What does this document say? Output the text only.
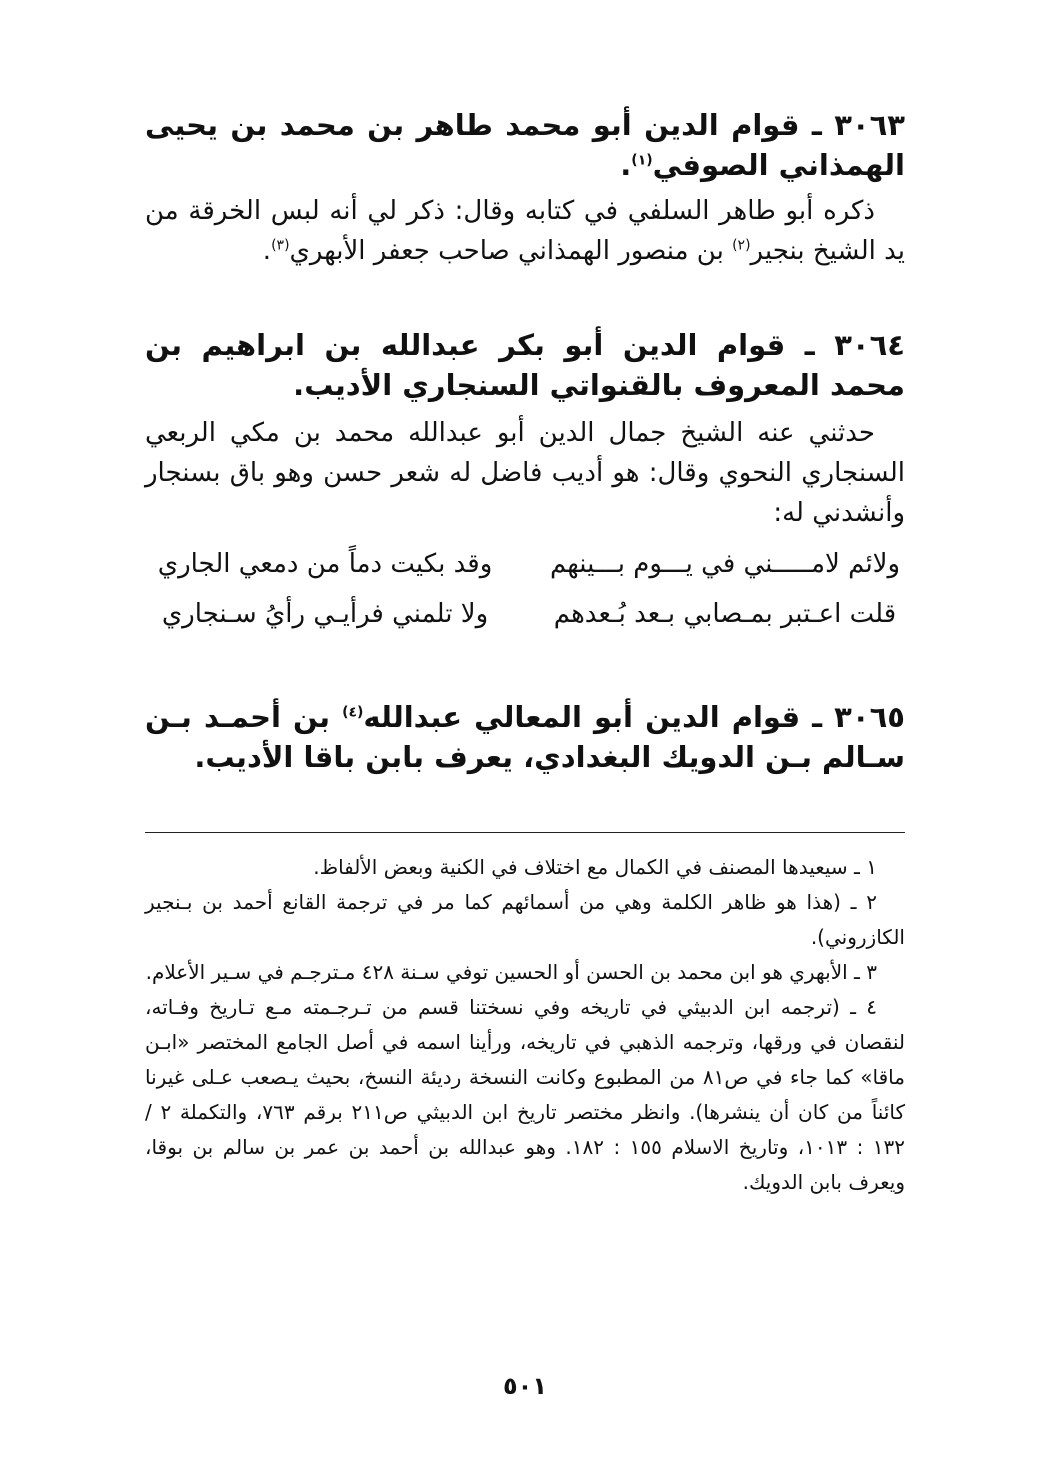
٣٠٦٣ ـ قوام الدين أبو محمد طاهر بن محمد بن يحيى الهمذاني الصوفي$^{(١)}$.

ذكره أبو طاهر السلفي في كتابه وقال: ذكر لي أنه لبس الخرقة من يد الشيخ بنجير$^{(٢)}$ بن منصور الهمذاني صاحب جعفر الأبهري$^{(٣)}$.

٣٠٦٤ ـ قوام الدين أبو بكر عبدالله بن ابراهيم بن محمد المعروف بالقنواتي السنجاري الأديب.

حدثني عنه الشيخ جمال الدين أبو عبدالله محمد بن مكي الربعي السنجاري النحوي وقال: هو أديب فاضل له شعر حسن وهو باق بسنجار وأنشدني له:

ولائم لامـــــني في يـــوم بـــينهم
وقد بكيت دماً من دمعي الجاري
قلت اعـتبر بمـصابي بـعد بُـعدهم
ولا تلمني فرأيـي رأيُ سـنجاري

٣٠٦٥ ـ قوام الدين أبو المعالي عبدالله$^{(٤)}$ بن أحمـد بـن سـالم بـن الدويك البغدادي، يعرف بابن باقا الأديب.

١ ـ سيعيدها المصنف في الكمال مع اختلاف في الكنية وبعض الألفاظ.

٢ ـ (هذا هو ظاهر الكلمة وهي من أسمائهم كما مر في ترجمة القانع أحمد بن بـنجير الكازروني).

٣ ـ الأبهري هو ابن محمد بن الحسن أو الحسين توفي سـنة ٤٢٨ مـترجـم في سـير الأعلام.

٤ ـ (ترجمه ابن الدبيثي في تاريخه وفي نسختنا قسم من تـرجـمته مـع تـاريخ وفـاته، لنقصان في ورقها، وترجمه الذهبي في تاريخه، ورأينا اسمه في أصل الجامع المختصر «ابـن ماقا» كما جاء في ص٨١ من المطبوع وكانت النسخة رديئة النسخ، بحيث يـصعب عـلى غيرنا كائناً من كان أن ينشرها). وانظر مختصر تاريخ ابن الدبيثي ص٢١١ برقم ٧٦٣، والتكملة ٢ / ١٣٢ : ١٠١٣، وتاريخ الاسلام ١٥٥ : ١٨٢. وهو عبدالله بن أحمد بن عمر بن سالم بن بوقا، ويعرف بابن الدويك.

٥٠١
